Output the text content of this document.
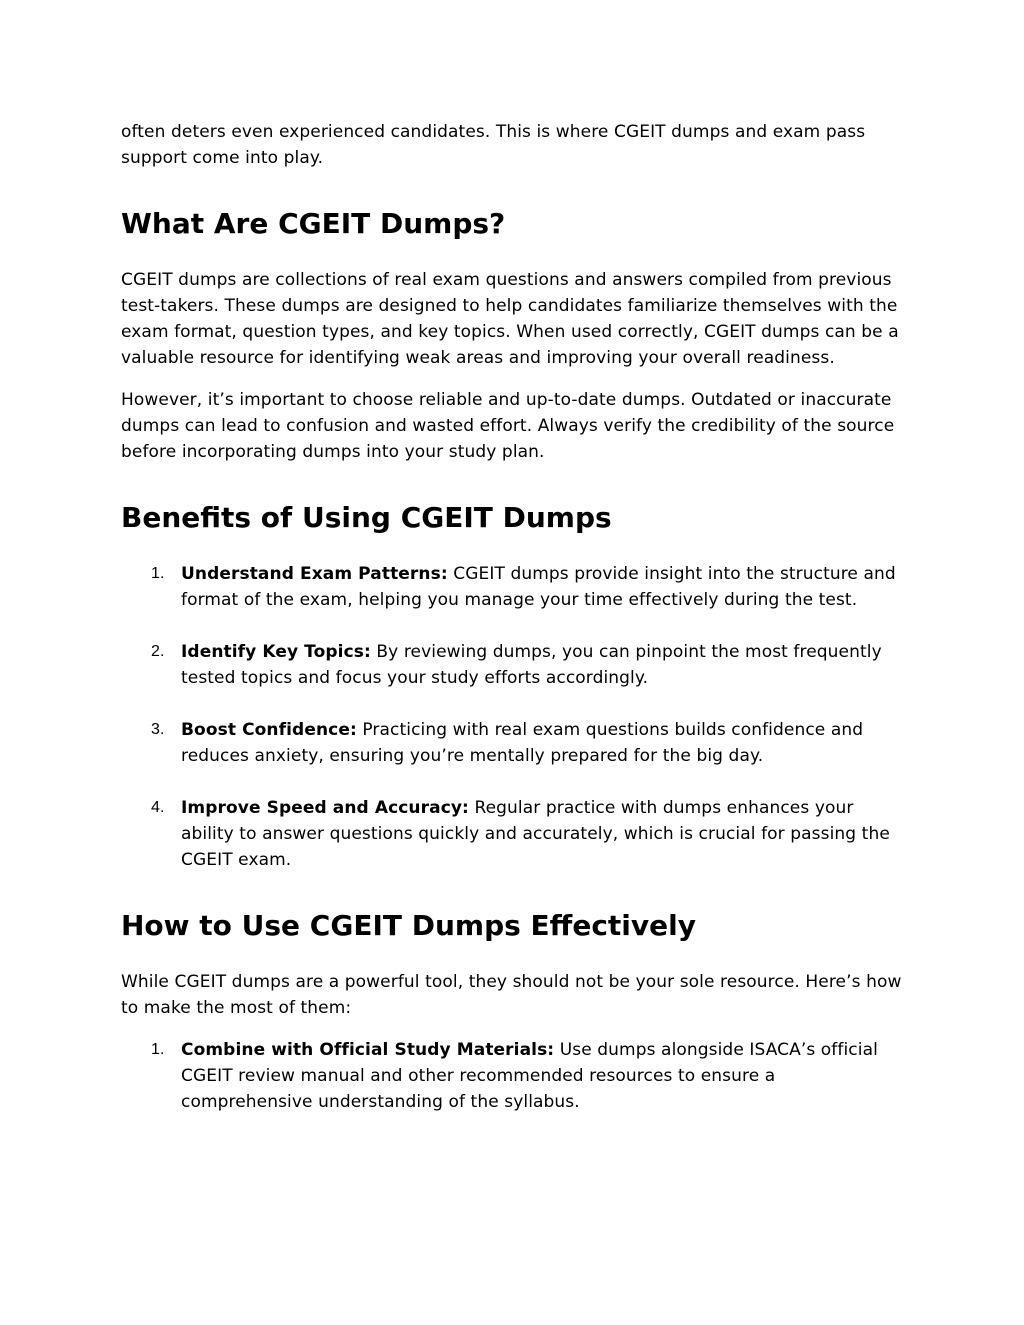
often deters even experienced candidates. This is where CGEIT dumps and exam pass support come into play.

What Are CGEIT Dumps?

CGEIT dumps are collections of real exam questions and answers compiled from previous test-takers. These dumps are designed to help candidates familiarize themselves with the exam format, question types, and key topics. When used correctly, CGEIT dumps can be a valuable resource for identifying weak areas and improving your overall readiness.

However, it’s important to choose reliable and up-to-date dumps. Outdated or inaccurate dumps can lead to confusion and wasted effort. Always verify the credibility of the source before incorporating dumps into your study plan.

Benefits of Using CGEIT Dumps
1. Understand Exam Patterns: CGEIT dumps provide insight into the structure and format of the exam, helping you manage your time effectively during the test.
2. Identify Key Topics: By reviewing dumps, you can pinpoint the most frequently tested topics and focus your study efforts accordingly.
3. Boost Confidence: Practicing with real exam questions builds confidence and reduces anxiety, ensuring you’re mentally prepared for the big day.
4. Improve Speed and Accuracy: Regular practice with dumps enhances your ability to answer questions quickly and accurately, which is crucial for passing the CGEIT exam.
How to Use CGEIT Dumps Effectively

While CGEIT dumps are a powerful tool, they should not be your sole resource. Here’s how to make the most of them:

1. Combine with Official Study Materials: Use dumps alongside ISACA’s official CGEIT review manual and other recommended resources to ensure a comprehensive understanding of the syllabus.
